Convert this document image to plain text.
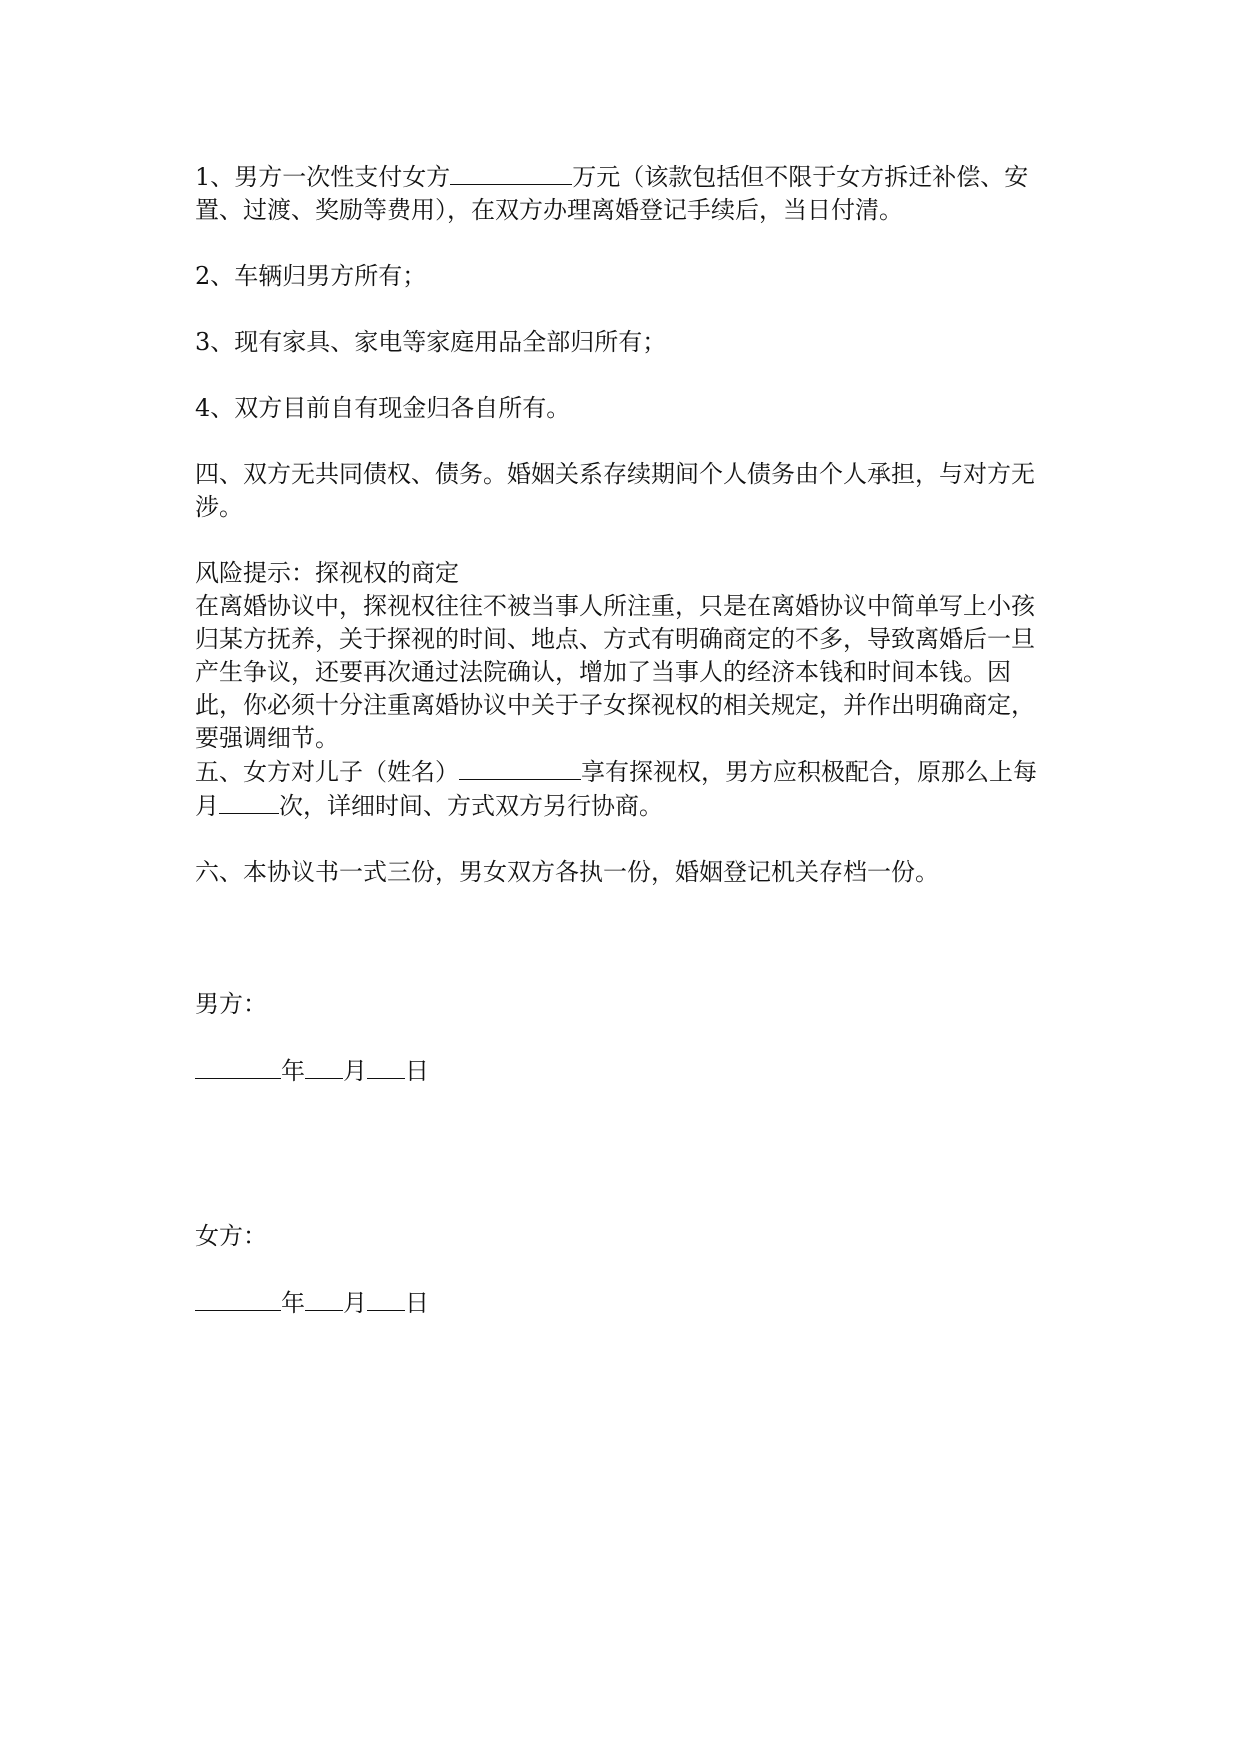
1、男方一次性支付女方	万元（该款包括但不限于女方拆迁补偿、安置、过渡、奖励等费用），在双方办理离婚登记手续后，当日付清。

2、车辆归男方所有；

3、现有家具、家电等家庭用品全部归所有；

4、双方目前自有现金归各自所有。

四、双方无共同债权、债务。婚姻关系存续期间个人债务由个人承担，与对方无涉。

风险提示：探视权的商定

在离婚协议中，探视权往往不被当事人所注重，只是在离婚协议中简单写上小孩归某方抚养，关于探视的时间、地点、方式有明确商定的不多，导致离婚后一旦产生争议，还要再次通过法院确认，增加了当事人的经济本钱和时间本钱。因此，你必须十分注重离婚协议中关于子女探视权的相关规定，并作出明确商定，要强调细节。

五、女方对儿子（姓名）	享有探视权，男方应积极配合，原那么上每月	次，详细时间、方式双方另行协商。

六、本协议书一式三份，男女双方各执一份，婚姻登记机关存档一份。

男方：

年 月 日

女方：

年 月 日
